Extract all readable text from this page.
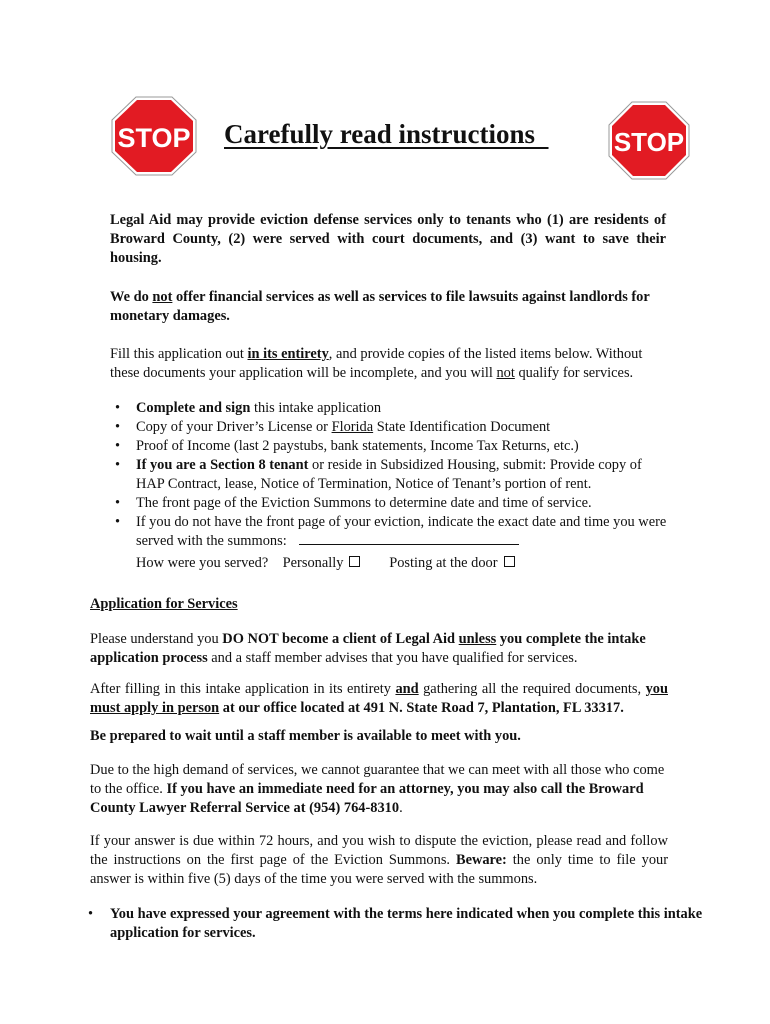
STOP	STOP
Carefully read instructions

Legal Aid may provide eviction defense services only to tenants who (1) are residents of Broward County, (2) were served with court documents, and (3) want to save their housing.

We do not offer financial services as well as services to file lawsuits against landlords for monetary damages.

Fill this application out in its entirety, and provide copies of the listed items below. Without these documents your application will be incomplete, and you will not qualify for services.

• Complete and sign this intake application
• Copy of your Driver’s License or Florida State Identification Document
• Proof of Income (last 2 paystubs, bank statements, Income Tax Returns, etc.)
• If you are a Section 8 tenant or reside in Subsidized Housing, submit: Provide copy of HAP Contract, lease, Notice of Termination, Notice of Tenant’s portion of rent.
• The front page of the Eviction Summons to determine date and time of service.
• If you do not have the front page of your eviction, indicate the exact date and time you were served with the summons:
How were you served? Personally	Posting at the door
Application for Services

Please understand you DO NOT become a client of Legal Aid unless you complete the intake application process and a staff member advises that you have qualified for services.

After filling in this intake application in its entirety and gathering all the required documents, you must apply in person at our office located at 491 N. State Road 7, Plantation, FL 33317.

Be prepared to wait until a staff member is available to meet with you.

Due to the high demand of services, we cannot guarantee that we can meet with all those who come to the office. If you have an immediate need for an attorney, you may also call the Broward County Lawyer Referral Service at (954) 764-8310.

If your answer is due within 72 hours, and you wish to dispute the eviction, please read and follow the instructions on the first page of the Eviction Summons. Beware: the only time to file your answer is within five (5) days of the time you were served with the summons.

• You have expressed your agreement with the terms here indicated when you complete this intake application for services.
